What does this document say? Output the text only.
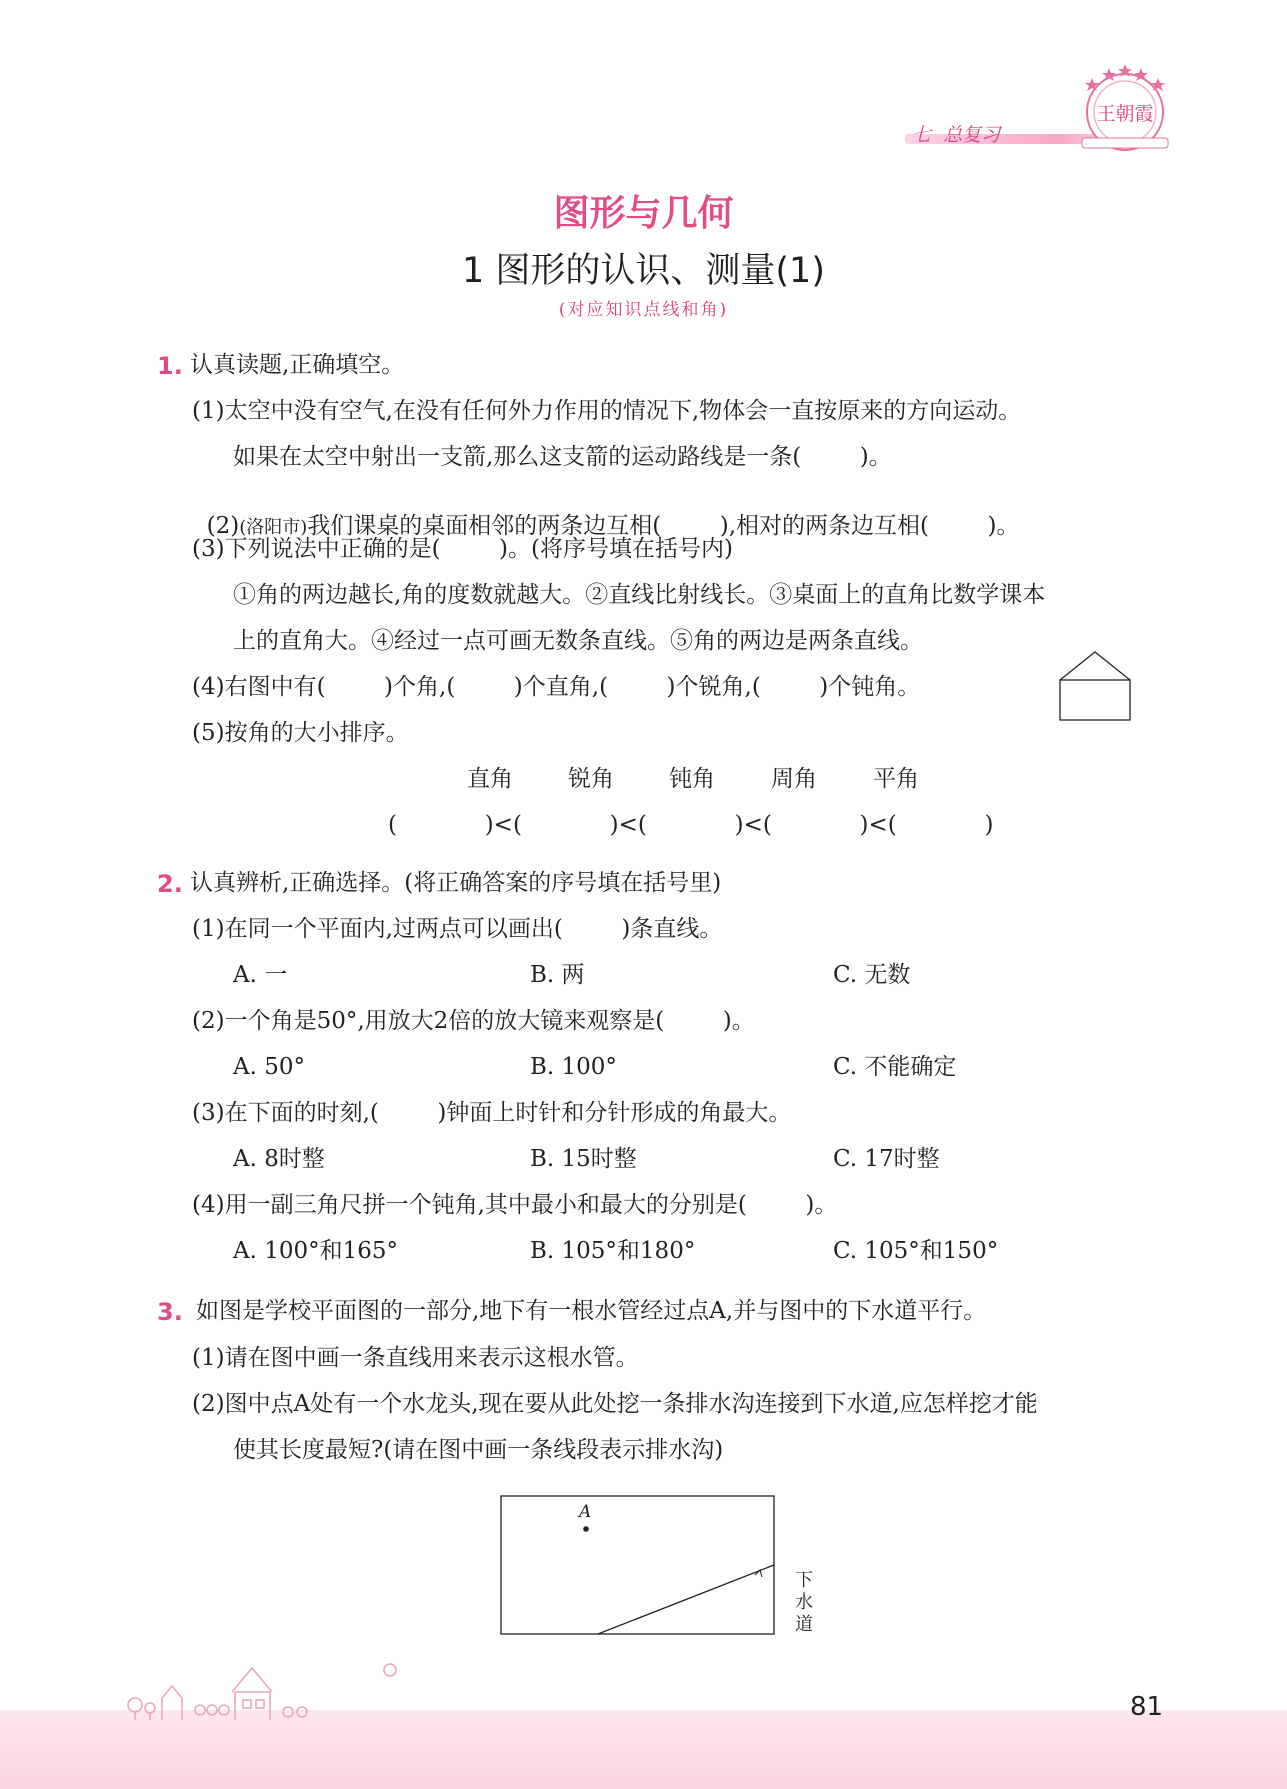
七  总复习
王朝霞
图形与几何
1 图形的认识、测量(1)
(对应知识点线和角)
1. 认真读题,正确填空。
(1)太空中没有空气,在没有任何外力作用的情况下,物体会一直按原来的方向运动。
如果在太空中射出一支箭,那么这支箭的运动路线是一条(        )。

(2)(洛阳市)我们课桌的桌面相邻的两条边互相(        ),相对的两条边互相(        )。

(3)下列说法中正确的是(        )。(将序号填在括号内)
①角的两边越长,角的度数就越大。②直线比射线长。③桌面上的直角比数学课本
上的直角大。④经过一点可画无数条直线。⑤角的两边是两条直线。
(4)右图中有(        )个角,(        )个直角,(        )个锐角,(        )个钝角。
(5)按角的大小排序。
直角 锐角 钝角 周角 平角
(            )<(            )<(            )<(            )<(            )
2. 认真辨析,正确选择。(将正确答案的序号填在括号里)
(1)在同一个平面内,过两点可以画出(        )条直线。
A. 一	B. 两	C. 无数
(2)一个角是50°,用放大2倍的放大镜来观察是(        )。
A. 50°	B. 100°	C. 不能确定
(3)在下面的时刻,(        )钟面上时针和分针形成的角最大。
A. 8时整	B. 15时整	C. 17时整
(4)用一副三角尺拼一个钝角,其中最小和最大的分别是(        )。
A. 100°和165°	B. 105°和180°	C. 105°和150°
3. 如图是学校平面图的一部分,地下有一根水管经过点A,并与图中的下水道平行。
(1)请在图中画一条直线用来表示这根水管。
(2)图中点A处有一个水龙头,现在要从此处挖一条排水沟连接到下水道,应怎样挖才能
使其长度最短?(请在图中画一条线段表示排水沟)
A
下水道
81
